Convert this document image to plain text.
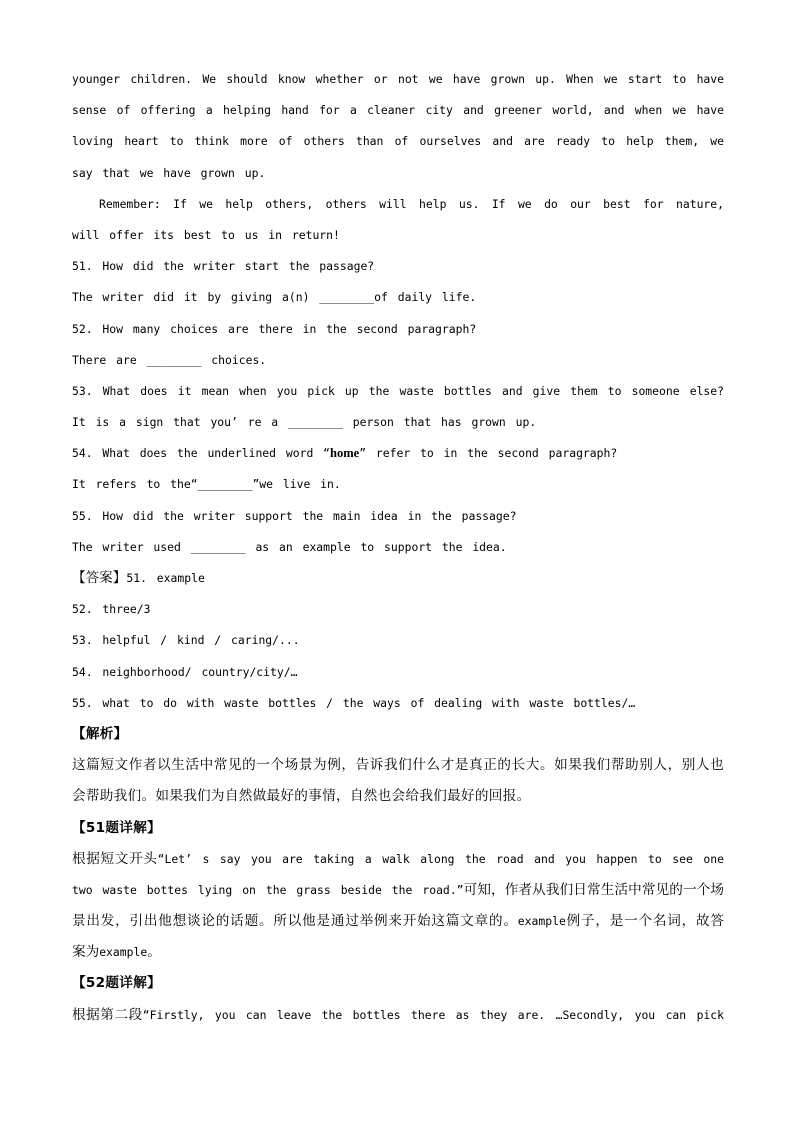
younger children. We should know whether or not we have grown up. When we start to have
sense of offering a helping hand for a cleaner city and greener world, and when we have
loving heart to think more of others than of ourselves and are ready to help them, we
say that we have grown up.
Remember: If we help others, others will help us. If we do our best for nature,
will offer its best to us in return!
51. How did the writer start the passage?
The writer did it by giving a(n) ________of daily life.
52. How many choices are there in the second paragraph?
There are ________ choices.
53. What does it mean when you pick up the waste bottles and give them to someone else?
It is a sign that you’ re a ________ person that has grown up.
54. What does the underlined word “home” refer to in the second paragraph?
It refers to the“________”we live in.
55. How did the writer support the main idea in the passage?
The writer used ________ as an example to support the idea.
【答案】51. example
52. three/3
53. helpful / kind / caring/...
54. neighborhood/ country/city/…
55. what to do with waste bottles / the ways of dealing with waste bottles/…
【解析】
这篇短文作者以生活中常见的一个场景为例，告诉我们什么才是真正的长大。如果我们帮助别人，别人也
会帮助我们。如果我们为自然做最好的事情，自然也会给我们最好的回报。
【51题详解】
根据短文开头“Let’ s say you are taking a walk along the road and you happen to see one
two waste bottes lying on the grass beside the road.”可知，作者从我们日常生活中常见的一个场
景出发，引出他想谈论的话题。所以他是通过举例来开始这篇文章的。example例子，是一个名词，故答
案为example。
【52题详解】
根据第二段“Firstly, you can leave the bottles there as they are. …Secondly, you can pick
